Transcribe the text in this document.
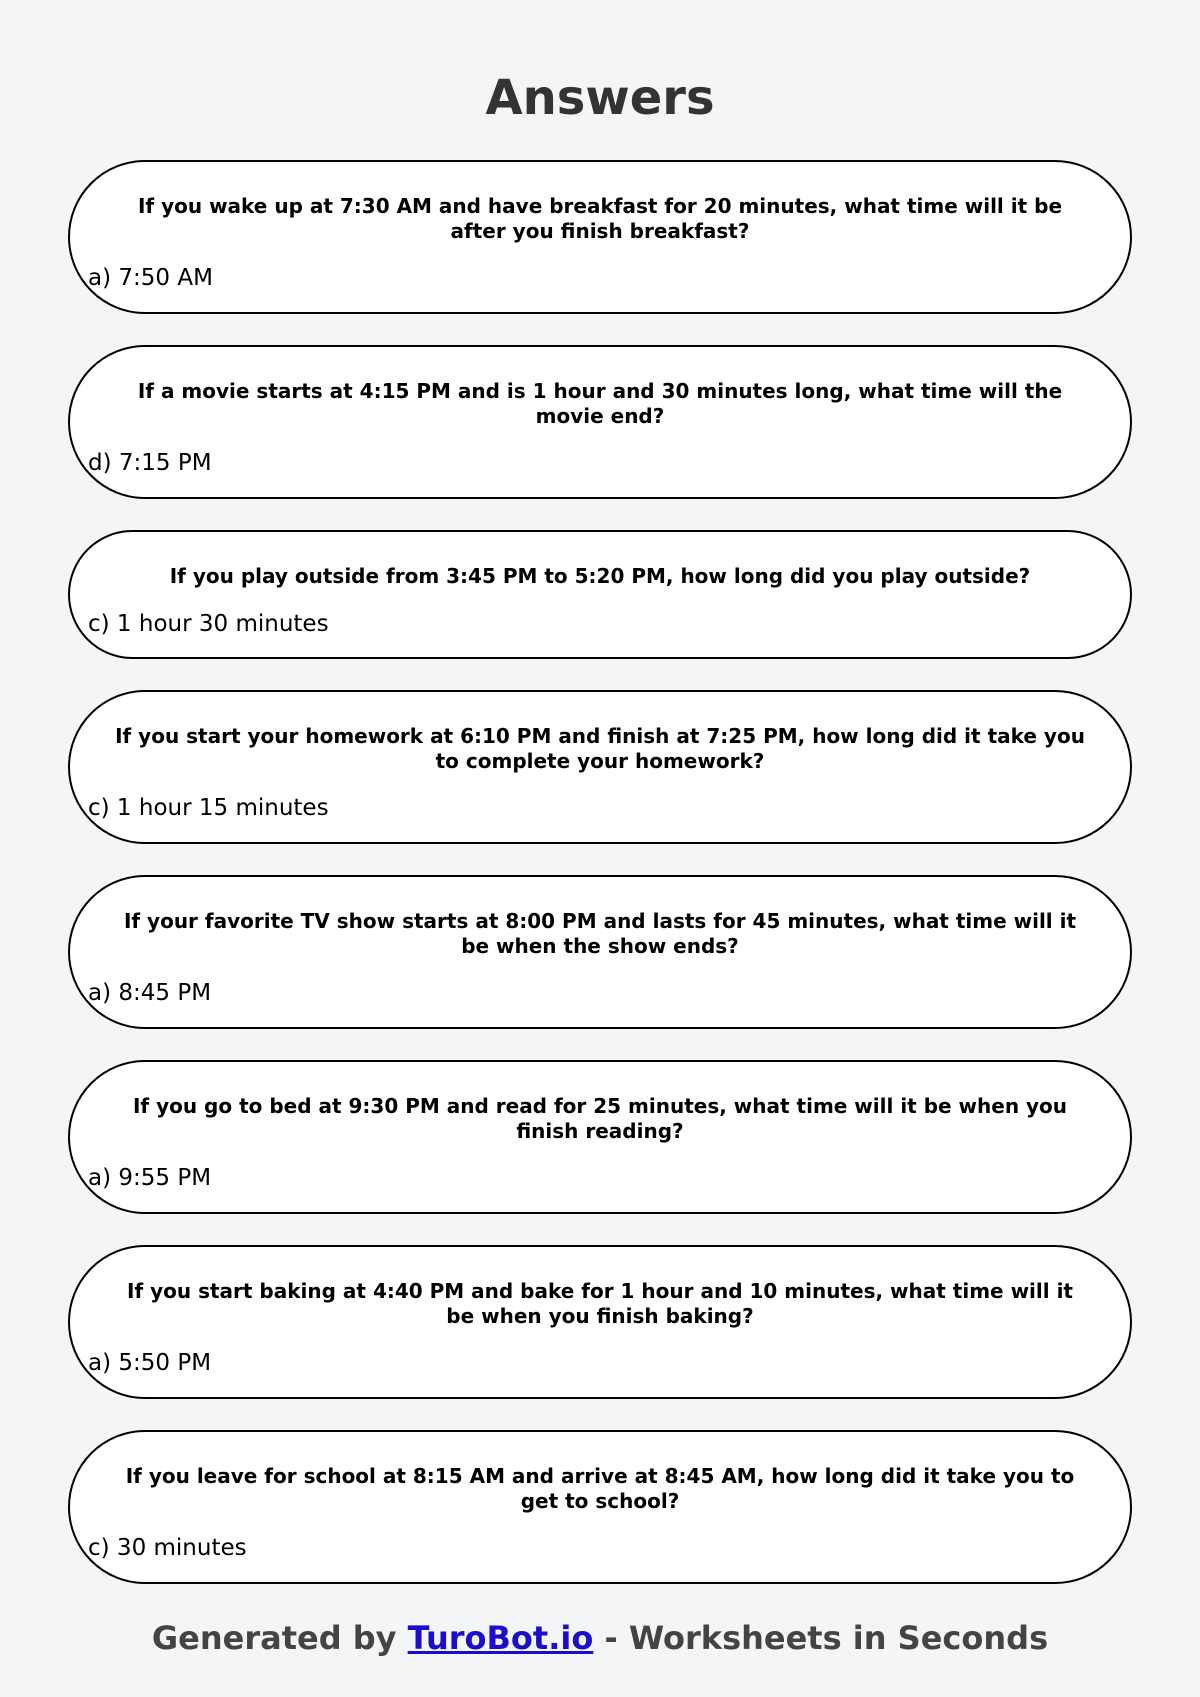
Answers
If you wake up at 7:30 AM and have breakfast for 20 minutes, what time will it be
after you finish breakfast?
a) 7:50 AM
If a movie starts at 4:15 PM and is 1 hour and 30 minutes long, what time will the
movie end?
d) 7:15 PM
If you play outside from 3:45 PM to 5:20 PM, how long did you play outside?
c) 1 hour 30 minutes
If you start your homework at 6:10 PM and finish at 7:25 PM, how long did it take you
to complete your homework?
c) 1 hour 15 minutes
If your favorite TV show starts at 8:00 PM and lasts for 45 minutes, what time will it
be when the show ends?
a) 8:45 PM
If you go to bed at 9:30 PM and read for 25 minutes, what time will it be when you
finish reading?
a) 9:55 PM
If you start baking at 4:40 PM and bake for 1 hour and 10 minutes, what time will it
be when you finish baking?
a) 5:50 PM
If you leave for school at 8:15 AM and arrive at 8:45 AM, how long did it take you to
get to school?
c) 30 minutes
Generated by TuroBot.io - Worksheets in Seconds
